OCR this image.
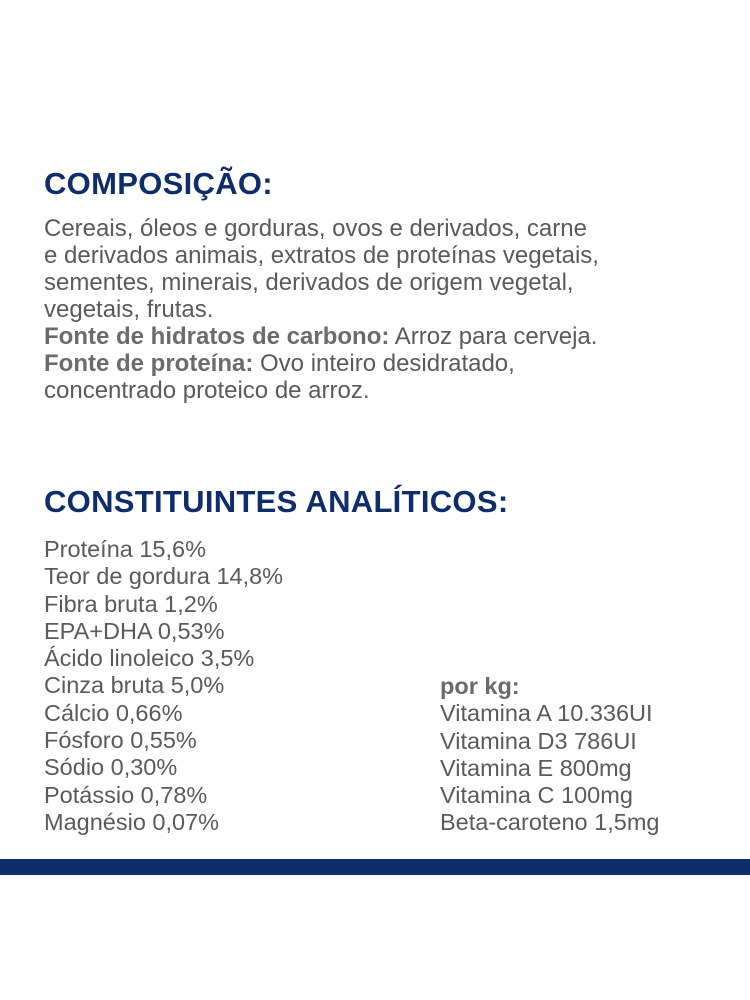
COMPOSIÇÃO:

Cereais, óleos e gorduras, ovos e derivados, carne
e derivados animais, extratos de proteínas vegetais,
sementes, minerais, derivados de origem vegetal,
vegetais, frutas.
Fonte de hidratos de carbono: Arroz para cerveja.
Fonte de proteína: Ovo inteiro desidratado,
concentrado proteico de arroz.

CONSTITUINTES ANALÍTICOS:
Proteína 15,6%
Teor de gordura 14,8%
Fibra bruta 1,2%
EPA+DHA 0,53%
Ácido linoleico 3,5%
Cinza bruta 5,0%
Cálcio 0,66%
Fósforo 0,55%
Sódio 0,30%
Potássio 0,78%
Magnésio 0,07%
por kg:
Vitamina A 10.336UI
Vitamina D3 786UI
Vitamina E 800mg
Vitamina C 100mg
Beta-caroteno 1,5mg
